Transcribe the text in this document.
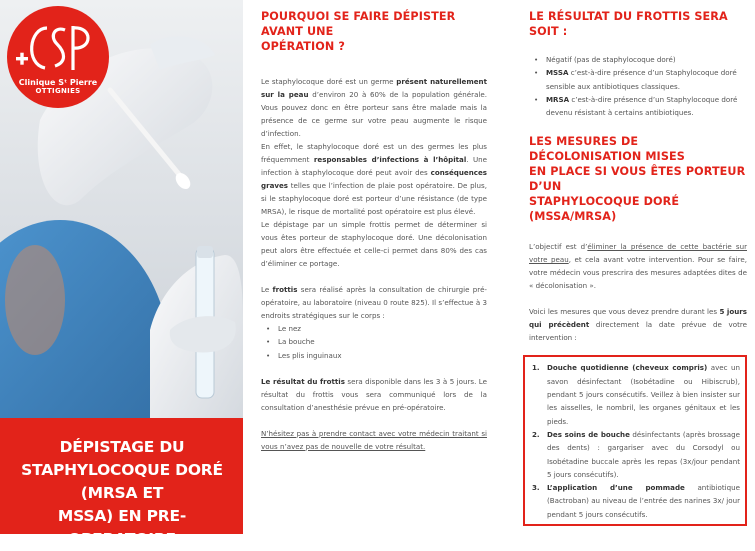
Clinique Sᵗ Pierre
OTTIGNIES
DÉPISTAGE DU
STAPHYLOCOQUE DORÉ (MRSA ET
MSSA) EN PRE-OPERATOIRE
POURQUOI SE FAIRE DÉPISTER AVANT UNE
OPÉRATION ?

Le staphylocoque doré est un germe présent naturellement sur la peau d’environ 20 à 60% de la population générale. Vous pouvez donc en être porteur sans être malade mais la présence de ce germe sur votre peau augmente le risque d’infection.

En effet, le staphylocoque doré est un des germes les plus fréquemment responsables d’infections à l’hôpital. Une infection à staphylocoque doré peut avoir des conséquences graves telles que l’infection de plaie post opératoire. De plus, si le staphylocoque doré est porteur d’une résistance (de type MRSA), le risque de mortalité post opératoire est plus élevé.

Le dépistage par un simple frottis permet de déterminer si vous êtes porteur de staphylocoque doré. Une décolonisation peut alors être effectuée et celle-ci permet dans 80% des cas d’éliminer ce portage.

Le frottis sera réalisé après la consultation de chirurgie pré-opératoire, au laboratoire (niveau 0 route 825). Il s’effectue à 3 endroits stratégiques sur le corps :

• Le nez
• La bouche
• Les plis inguinaux

Le résultat du frottis sera disponible dans les 3 à 5 jours. Le résultat du frottis vous sera communiqué lors de la consultation d’anesthésie prévue en pré-opératoire.

N’hésitez pas à prendre contact avec votre médecin traitant si vous n’avez pas de nouvelle de votre résultat.

LE RÉSULTAT DU FROTTIS SERA SOIT :
• Négatif (pas de staphylocoque doré)
• MSSA c’est-à-dire présence d’un Staphylocoque doré sensible aux antibiotiques classiques.
• MRSA c’est-à-dire présence d’un Staphylocoque doré devenu résistant à certains antibiotiques.
LES MESURES DE DÉCOLONISATION MISES
EN PLACE SI VOUS ÊTES PORTEUR D’UN
STAPHYLOCOQUE DORÉ (MSSA/MRSA)

L’objectif est d’éliminer la présence de cette bactérie sur votre peau, et cela avant votre intervention. Pour se faire, votre médecin vous prescrira des mesures adaptées dites de « décolonisation ».

Voici les mesures que vous devez prendre durant les 5 jours qui précèdent directement la date prévue de votre intervention :

1. Douche quotidienne (cheveux compris) avec un savon désinfectant (Isobétadine ou Hibiscrub), pendant 5 jours consécutifs. Veillez à bien insister sur les aisselles, le nombril, les organes génitaux et les pieds.
2. Des soins de bouche désinfectants (après brossage des dents) : gargariser avec du Corsodyl ou Isobétadine buccale après les repas (3x/jour pendant 5 jours consécutifs).
3. L’application d’une pommade antibiotique (Bactroban) au niveau de l’entrée des narines 3x/ jour pendant 5 jours consécutifs.
